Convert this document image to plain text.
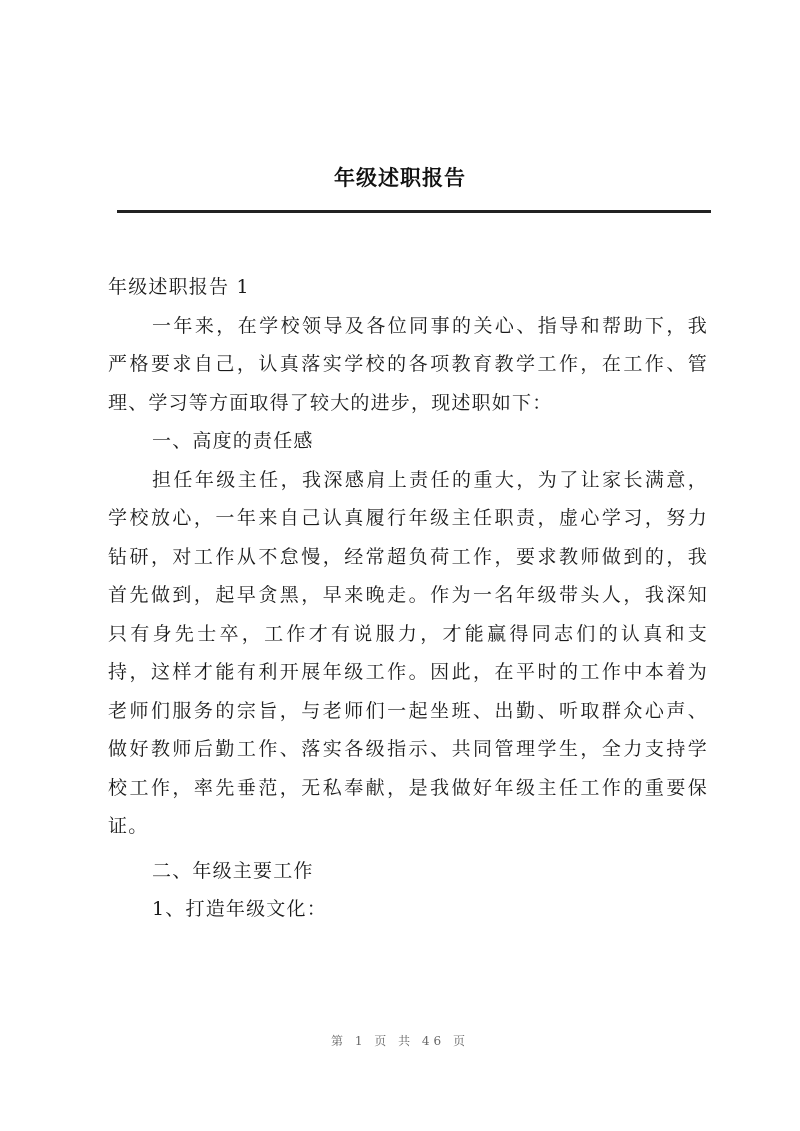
年级述职报告
年级述职报告 1
一年来，在学校领导及各位同事的关心、指导和帮助下，我
严格要求自己，认真落实学校的各项教育教学工作，在工作、管
理、学习等方面取得了较大的进步，现述职如下：
一、高度的责任感
担任年级主任，我深感肩上责任的重大，为了让家长满意，
学校放心，一年来自己认真履行年级主任职责，虚心学习，努力
钻研，对工作从不怠慢，经常超负荷工作，要求教师做到的，我
首先做到，起早贪黑，早来晚走。作为一名年级带头人，我深知
只有身先士卒，工作才有说服力，才能赢得同志们的认真和支
持，这样才能有利开展年级工作。因此，在平时的工作中本着为
老师们服务的宗旨，与老师们一起坐班、出勤、听取群众心声、
做好教师后勤工作、落实各级指示、共同管理学生，全力支持学
校工作，率先垂范，无私奉献，是我做好年级主任工作的重要保
证。
二、年级主要工作
1、打造年级文化：
第 1 页 共 46 页
